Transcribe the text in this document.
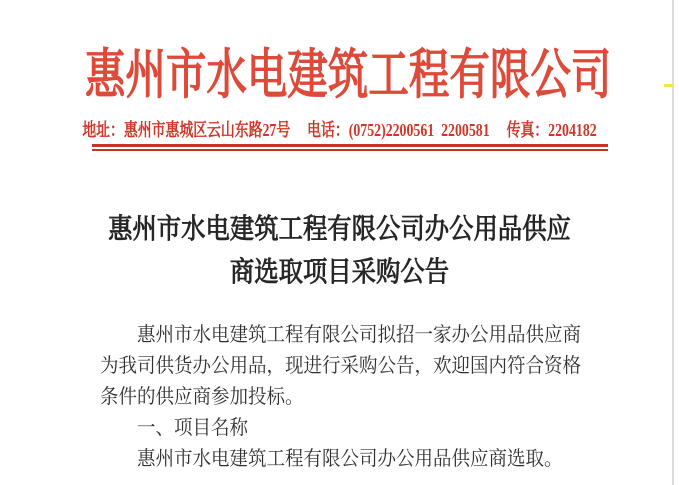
惠州市水电建筑工程有限公司
地址：惠州市惠城区云山东路27号 电话：(0752)2200561  2200581 传真：2204182
惠州市水电建筑工程有限公司办公用品供应
商选取项目采购公告
惠州市水电建筑工程有限公司拟招一家办公用品供应商
为我司供货办公用品，现进行采购公告，欢迎国内符合资格
条件的供应商参加投标。
一、项目名称
惠州市水电建筑工程有限公司办公用品供应商选取。
